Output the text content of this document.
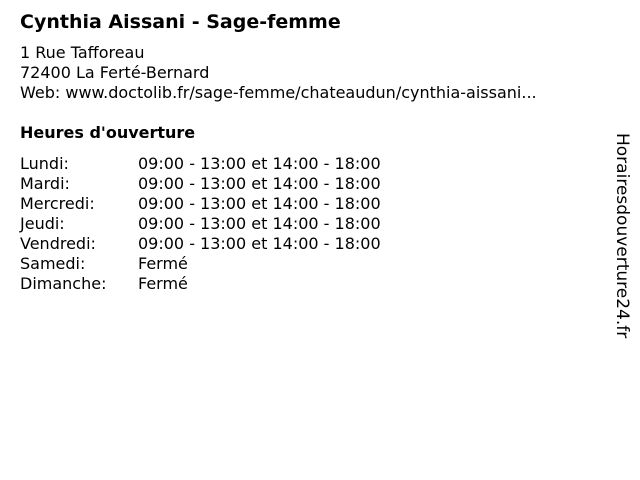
Cynthia Aissani - Sage-femme
1 Rue Tafforeau
72400 La Ferté-Bernard
Web: www.doctolib.fr/sage-femme/chateaudun/cynthia-aissani...
Heures d'ouverture
Lundi:	09:00 - 13:00 et 14:00 - 18:00
Mardi:	09:00 - 13:00 et 14:00 - 18:00
Mercredi:	09:00 - 13:00 et 14:00 - 18:00
Jeudi:	09:00 - 13:00 et 14:00 - 18:00
Vendredi:	09:00 - 13:00 et 14:00 - 18:00
Samedi:	Fermé
Dimanche:	Fermé	Horairesdouverture24.fr
